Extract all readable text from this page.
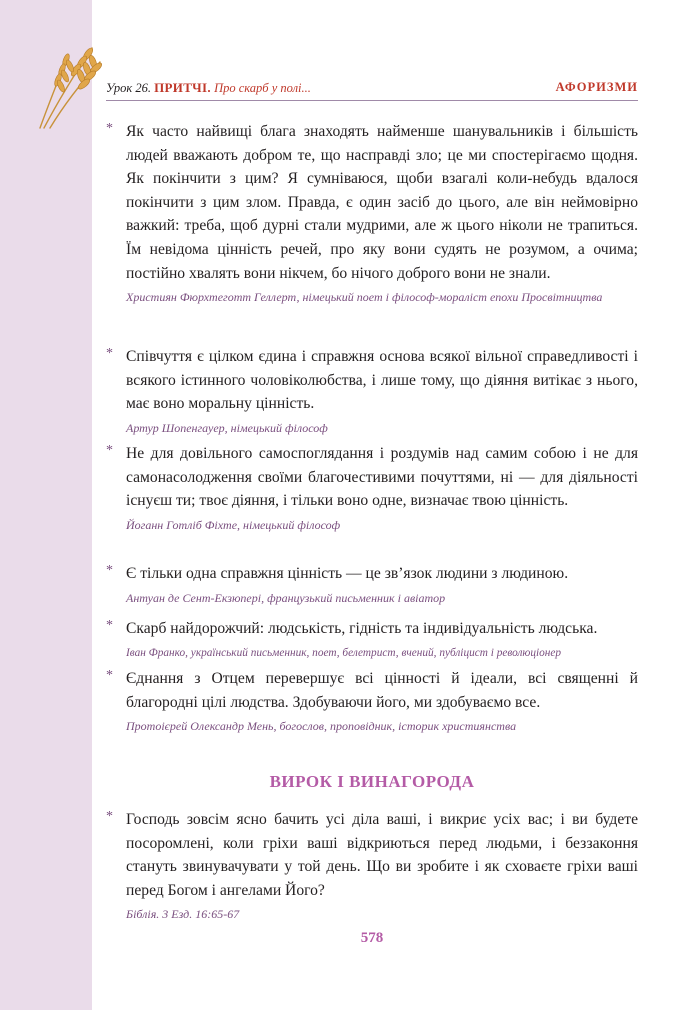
Урок 26. ПРИТЧІ. Про скарб у полі...	АФОРИЗМИ
* Як часто найвищі блага знаходять найменше шанувальників і більшість людей вважають добром те, що насправді зло; це ми спостерігаємо щодня. Як покінчити з цим? Я сумніваюся, щоби взагалі коли-небудь вдалося покінчити з цим злом. Правда, є один засіб до цього, але він неймовірно важкий: треба, щоб дурні стали мудрими, але ж цього ніколи не трапиться. Їм невідома цінність речей, про яку вони судять не розумом, а очима; постійно хвалять вони нікчем, бо нічого доброго вони не знали.
Християн Фюрхтеготт Геллерт, німецький поет і філософ-мораліст епохи Просвітництва
* Співчуття є цілком єдина і справжня основа всякої вільної справедливості і всякого істинного чоловіколюбства, і лише тому, що діяння витікає з нього, має воно моральну цінність.
Артур Шопенгауер, німецький філософ
* Не для довільного самоспоглядання і роздумів над самим собою і не для самонасолодження своїми благочестивими почуттями, ні — для діяльності існуєш ти; твоє діяння, і тільки воно одне, визначає твою цінність.
Йоганн Готліб Фіхте, німецький філософ
* Є тільки одна справжня цінність — це зв’язок людини з людиною.
Антуан де Сент-Екзюпері, французький письменник і авіатор
* Скарб найдорожчий: людськість, гідність та індивідуальність людська.
Іван Франко, український письменник, поет, белетрист, вчений, публіцист і революціонер
* Єднання з Отцем перевершує всі цінності й ідеали, всі священні й благородні цілі людства. Здобуваючи його, ми здобуваємо все.
Протоієрей Олександр Мень, богослов, проповідник, історик християнства
ВИРОК І ВИНАГОРОДА
* Господь зовсім ясно бачить усі діла ваші, і викриє усіх вас; і ви будете посоромлені, коли гріхи ваші відкриються перед людьми, і беззаконня стануть звинувачувати у той день. Що ви зробите і як сховаєте гріхи ваші перед Богом і ангелами Його?
Біблія. 3 Езд. 16:65-67
578
